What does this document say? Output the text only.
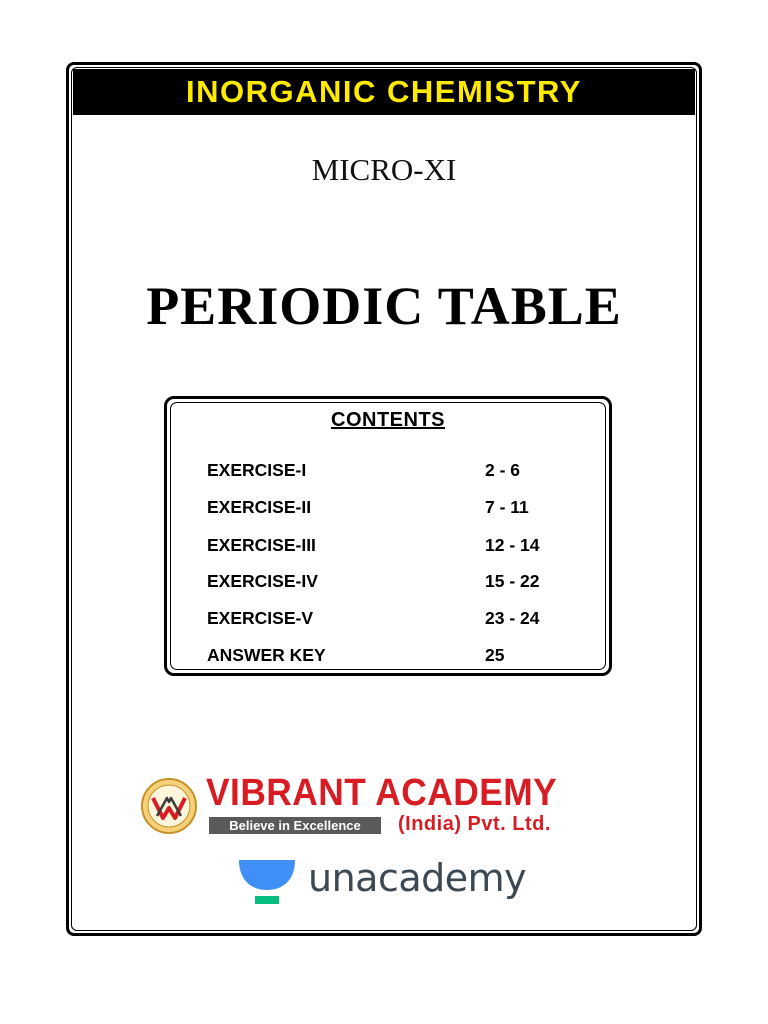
INORGANIC CHEMISTRY
MICRO-XI
PERIODIC TABLE
CONTENTS
EXERCISE-I	2 - 6
EXERCISE-II	7 - 11
EXERCISE-III	12 - 14
EXERCISE-IV	15 - 22
EXERCISE-V	23 - 24
ANSWER KEY	25
VIBRANT ACADEMY
Believe in Excellence	(India) Pvt. Ltd.
unacademy
